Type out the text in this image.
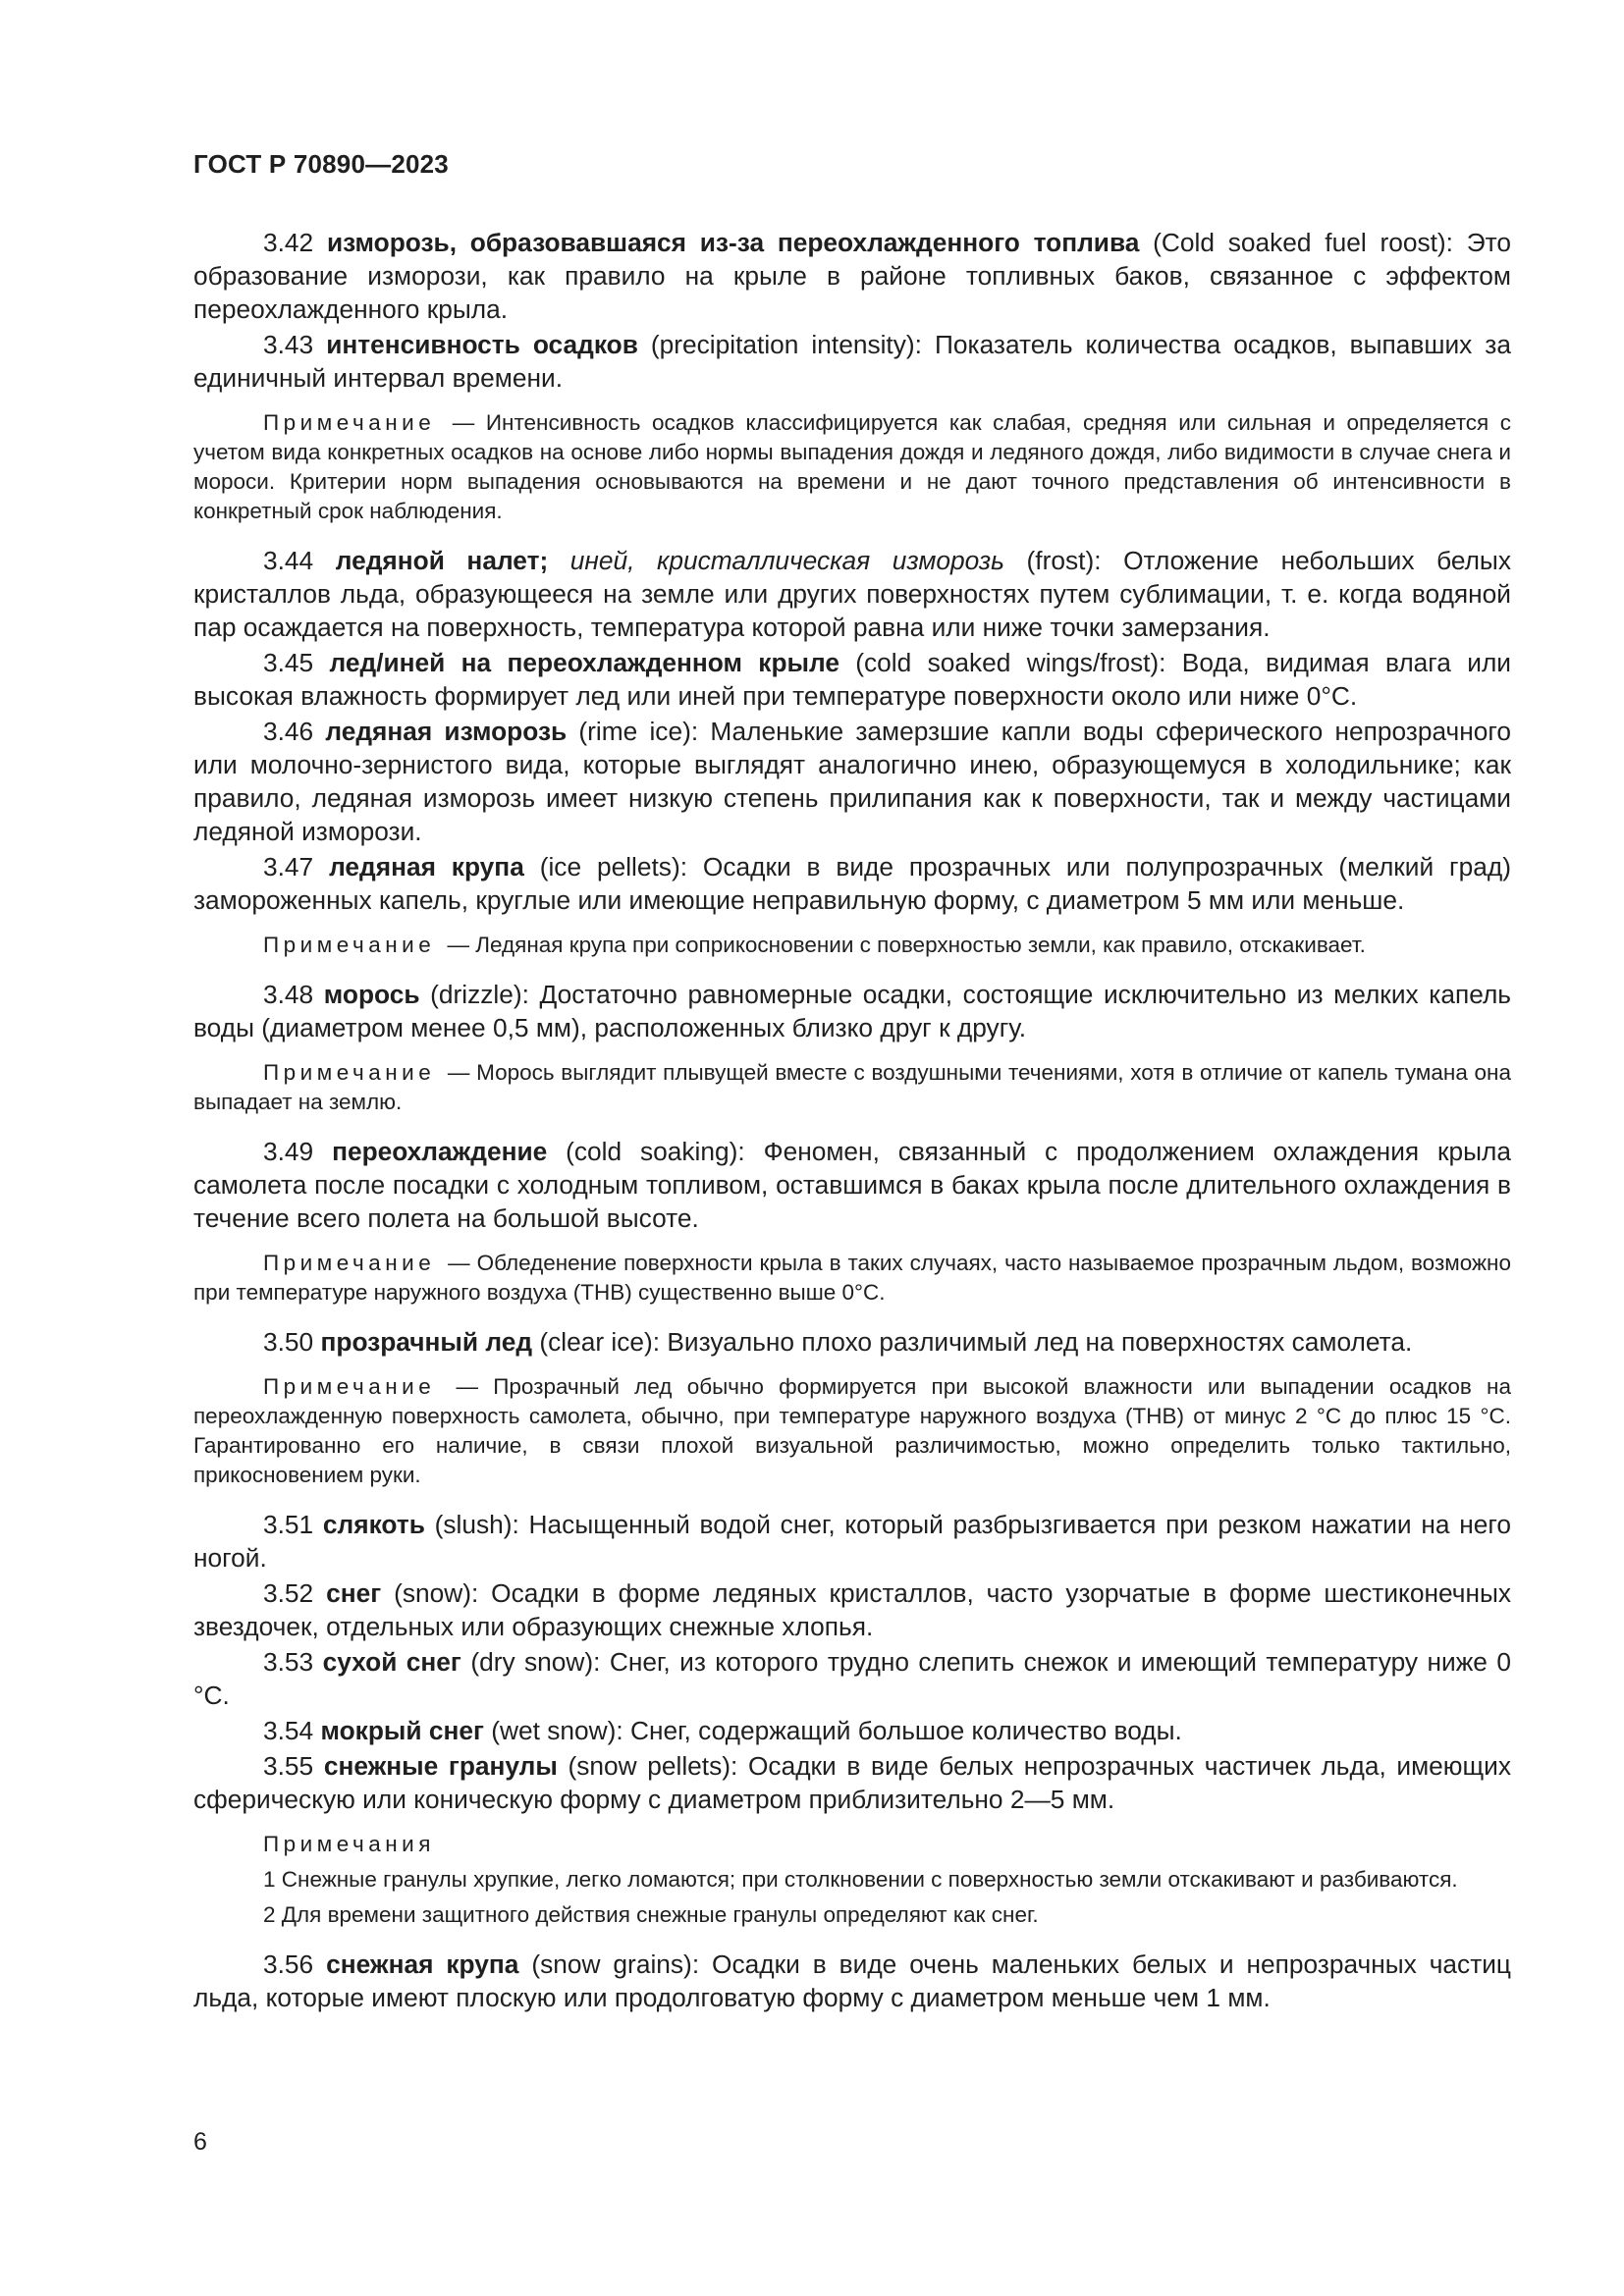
ГОСТ Р 70890—2023

3.42 изморозь, образовавшаяся из-за переохлажденного топлива (Cold soaked fuel roost): Это образование изморози, как правило на крыле в районе топливных баков, связанное с эффектом переохлажденного крыла.

3.43 интенсивность осадков (precipitation intensity): Показатель количества осадков, выпавших за единичный интервал времени.

Примечание — Интенсивность осадков классифицируется как слабая, средняя или сильная и определяется с учетом вида конкретных осадков на основе либо нормы выпадения дождя и ледяного дождя, либо видимости в случае снега и мороси. Критерии норм выпадения основываются на времени и не дают точного представления об интенсивности в конкретный срок наблюдения.

3.44 ледяной налет; иней, кристаллическая изморозь (frost): Отложение небольших белых кристаллов льда, образующееся на земле или других поверхностях путем сублимации, т. е. когда водяной пар осаждается на поверхность, температура которой равна или ниже точки замерзания.

3.45 лед/иней на переохлажденном крыле (cold soaked wings/frost): Вода, видимая влага или высокая влажность формирует лед или иней при температуре поверхности около или ниже 0°C.

3.46 ледяная изморозь (rime ice): Маленькие замерзшие капли воды сферического непрозрачного или молочно-зернистого вида, которые выглядят аналогично инею, образующемуся в холодильнике; как правило, ледяная изморозь имеет низкую степень прилипания как к поверхности, так и между частицами ледяной изморози.

3.47 ледяная крупа (ice pellets): Осадки в виде прозрачных или полупрозрачных (мелкий град) замороженных капель, круглые или имеющие неправильную форму, с диаметром 5 мм или меньше.

Примечание — Ледяная крупа при соприкосновении с поверхностью земли, как правило, отскакивает.

3.48 морось (drizzle): Достаточно равномерные осадки, состоящие исключительно из мелких капель воды (диаметром менее 0,5 мм), расположенных близко друг к другу.

Примечание — Морось выглядит плывущей вместе с воздушными течениями, хотя в отличие от капель тумана она выпадает на землю.

3.49 переохлаждение (cold soaking): Феномен, связанный с продолжением охлаждения крыла самолета после посадки с холодным топливом, оставшимся в баках крыла после длительного охлаждения в течение всего полета на большой высоте.

Примечание — Обледенение поверхности крыла в таких случаях, часто называемое прозрачным льдом, возможно при температуре наружного воздуха (ТНВ) существенно выше 0°C.

3.50 прозрачный лед (clear ice): Визуально плохо различимый лед на поверхностях самолета.

Примечание — Прозрачный лед обычно формируется при высокой влажности или выпадении осадков на переохлажденную поверхность самолета, обычно, при температуре наружного воздуха (ТНВ) от минус 2 °C до плюс 15 °C. Гарантированно его наличие, в связи плохой визуальной различимостью, можно определить только тактильно, прикосновением руки.

3.51 слякоть (slush): Насыщенный водой снег, который разбрызгивается при резком нажатии на него ногой.

3.52 снег (snow): Осадки в форме ледяных кристаллов, часто узорчатые в форме шестиконечных звездочек, отдельных или образующих снежные хлопья.

3.53 сухой снег (dry snow): Снег, из которого трудно слепить снежок и имеющий температуру ниже 0 °C.

3.54 мокрый снег (wet snow): Снег, содержащий большое количество воды.

3.55 снежные гранулы (snow pellets): Осадки в виде белых непрозрачных частичек льда, имеющих сферическую или коническую форму с диаметром приблизительно 2—5 мм.

Примечания

1 Снежные гранулы хрупкие, легко ломаются; при столкновении с поверхностью земли отскакивают и разбиваются.

2 Для времени защитного действия снежные гранулы определяют как снег.

3.56 снежная крупа (snow grains): Осадки в виде очень маленьких белых и непрозрачных частиц льда, которые имеют плоскую или продолговатую форму с диаметром меньше чем 1 мм.

6
